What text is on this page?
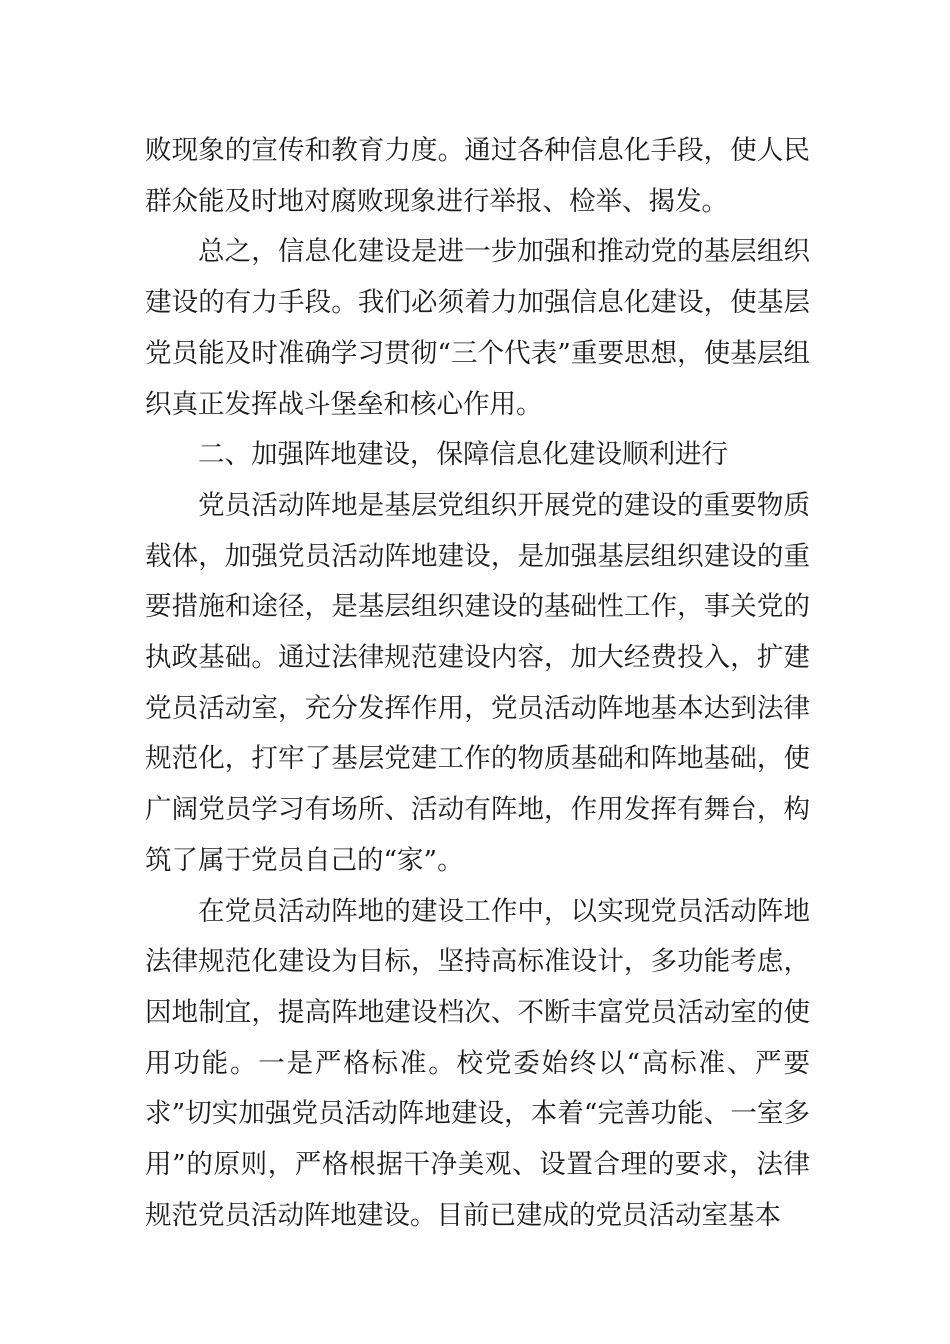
败现象的宣传和教育力度。通过各种信息化手段，使人民群众能及时地对腐败现象进行举报、检举、揭发。

总之，信息化建设是进一步加强和推动党的基层组织建设的有力手段。我们必须着力加强信息化建设，使基层党员能及时准确学习贯彻“三个代表”重要思想，使基层组织真正发挥战斗堡垒和核心作用。

二、加强阵地建设，保障信息化建设顺利进行

党员活动阵地是基层党组织开展党的建设的重要物质载体，加强党员活动阵地建设，是加强基层组织建设的重要措施和途径，是基层组织建设的基础性工作，事关党的执政基础。通过法律规范建设内容，加大经费投入，扩建党员活动室，充分发挥作用，党员活动阵地基本达到法律规范化，打牢了基层党建工作的物质基础和阵地基础，使广阔党员学习有场所、活动有阵地，作用发挥有舞台，构筑了属于党员自己的“家”。

在党员活动阵地的建设工作中，以实现党员活动阵地法律规范化建设为目标，坚持高标准设计，多功能考虑，因地制宜，提高阵地建设档次、不断丰富党员活动室的使用功能。一是严格标准。校党委始终以“高标准、严要求”切实加强党员活动阵地建设，本着“完善功能、一室多用”的原则，严格根据干净美观、设置合理的要求，法律规范党员活动阵地建设。目前已建成的党员活动室基本
